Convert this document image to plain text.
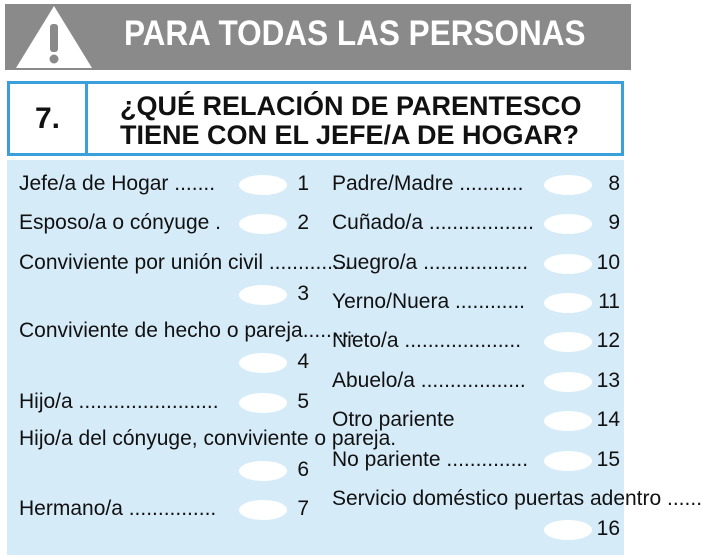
PARA TODAS LAS PERSONAS
7.	¿QUÉ RELACIÓN DE PARENTESCO
TIENE CON EL JEFE/A DE HOGAR?
Jefe/a de Hogar .......	1
Esposo/a o cónyuge .	2
Conviviente por unión civil ..............
3
Conviviente de hecho o pareja.........
4
Hijo/a ........................	5
Hijo/a del cónyuge, conviviente o pareja.
6
Hermano/a ...............	7
Padre/Madre ...........	8
Cuñado/a ..................	9
Suegro/a ..................	10
Yerno/Nuera ............	11
Nieto/a ....................	12
Abuelo/a ..................	13
Otro pariente	14
No pariente ..............	15
Servicio doméstico puertas adentro ......
16
